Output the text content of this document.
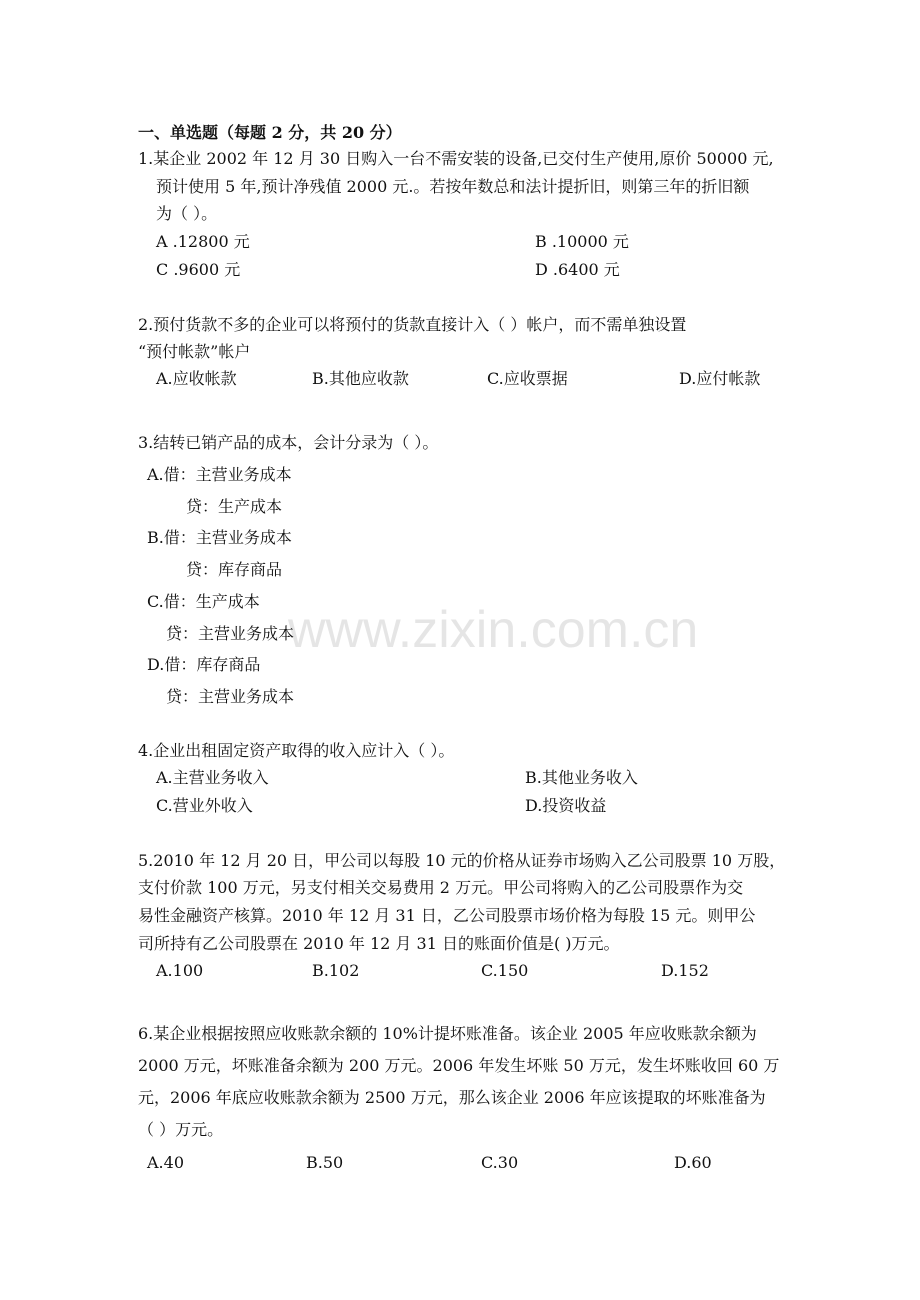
www.zixin.com.cn
一、单选题（每题 2 分，共 20 分）
1.某企业 2002 年 12 月 30 日购入一台不需安装的设备,已交付生产使用,原价 50000 元,
预计使用 5 年,预计净残值 2000 元.。若按年数总和法计提折旧，则第三年的折旧额
为（ ）。
A .12800 元	B .10000 元
C .9600 元	D .6400 元
2.预付货款不多的企业可以将预付的货款直接计入（ ）帐户，而不需单独设置
“预付帐款”帐户
A.应收帐款	B.其他应收款	C.应收票据	D.应付帐款
3.结转已销产品的成本，会计分录为（ ）。
A.借：主营业务成本
贷：生产成本
B.借：主营业务成本
贷：库存商品
C.借：生产成本
贷：主营业务成本
D.借：库存商品
贷：主营业务成本
4.企业出租固定资产取得的收入应计入（ ）。
A.主营业务收入	B.其他业务收入
C.营业外收入	D.投资收益
5.2010 年 12 月 20 日，甲公司以每股 10 元的价格从证券市场购入乙公司股票 10 万股，
支付价款 100 万元，另支付相关交易费用 2 万元。甲公司将购入的乙公司股票作为交
易性金融资产核算。2010 年 12 月 31 日，乙公司股票市场价格为每股 15 元。则甲公
司所持有乙公司股票在 2010 年 12 月 31 日的账面价值是( )万元。
A.100	B.102	C.150	D.152
6.某企业根据按照应收账款余额的 10%计提坏账准备。该企业 2005 年应收账款余额为
2000 万元，坏账准备余额为 200 万元。2006 年发生坏账 50 万元，发生坏账收回 60 万
元，2006 年底应收账款余额为 2500 万元，那么该企业 2006 年应该提取的坏账准备为
（ ）万元。
A.40	B.50	C.30	D.60
